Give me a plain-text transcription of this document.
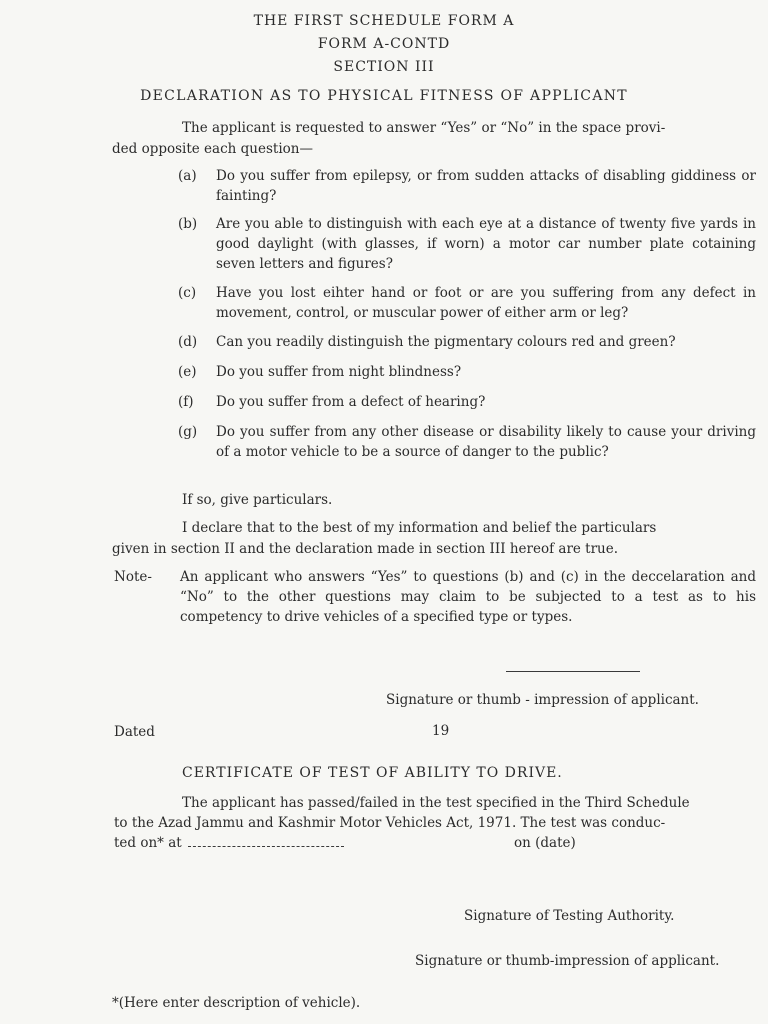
THE FIRST SCHEDULE FORM A
FORM A-CONTD
SECTION III
DECLARATION AS TO PHYSICAL FITNESS OF APPLICANT
The applicant is requested to answer “Yes” or “No” in the space provi-
ded opposite each question—
(a)	Do you suffer from epilepsy, or from sudden attacks of disabling giddiness or fainting?
(b)	Are you able to distinguish with each eye at a distance of twenty five yards in good daylight (with glasses, if worn) a motor car number plate cotaining seven letters and figures?
(c)	Have you lost eihter hand or foot or are you suffering from any defect in movement, control, or muscular power of either arm or leg?
(d)	Can you readily distinguish the pigmentary colours red and green?
(e)	Do you suffer from night blindness?
(f)	Do you suffer from a defect of hearing?
(g)	Do you suffer from any other disease or disability likely to cause your driving of a motor vehicle to be a source of danger to the public?
If so, give particulars.
I declare that to the best of my information and belief the particulars
given in section II and the declaration made in section III hereof are true.
Note- An applicant who answers “Yes” to questions (b) and (c) in the deccelaration and “No” to the other questions may claim to be subjected to a test as to his competency to drive vehicles of a specified type or types.
Signature or thumb - impression of applicant.
Dated	19
CERTIFICATE OF TEST OF ABILITY TO DRIVE.
The applicant has passed/failed in the test specified in the Third Schedule
to the Azad Jammu and Kashmir Motor Vehicles Act, 1971. The test was conduc-
ted on* at	on (date)
Signature of Testing Authority.
Signature or thumb-impression of applicant.
*(Here enter description of vehicle).
